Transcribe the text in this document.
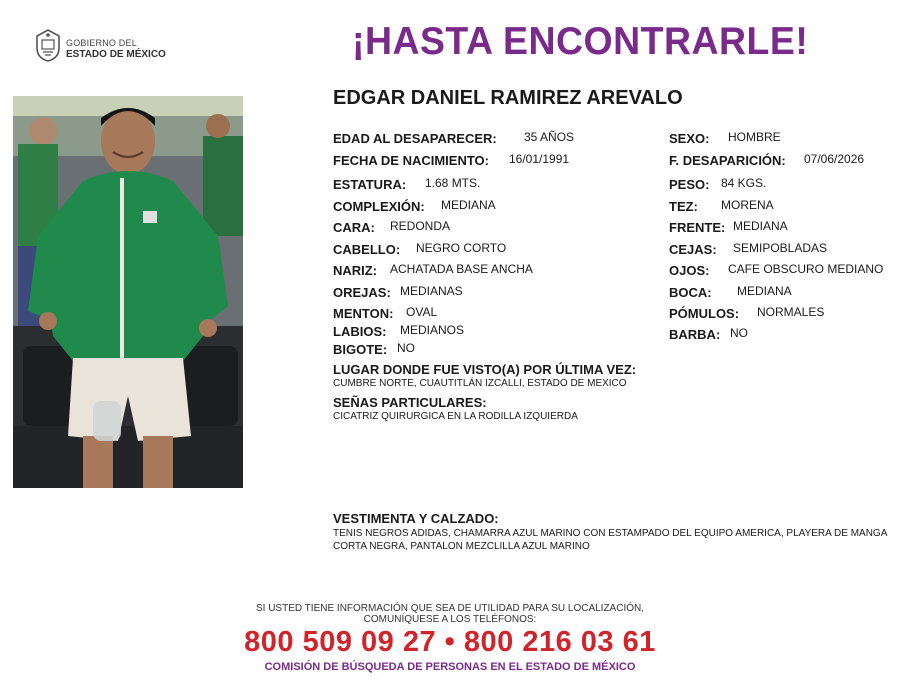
GOBIERNO DEL
ESTADO DE MÉXICO	¡HASTA ENCONTRARLE!
EDGAR DANIEL RAMIREZ AREVALO
EDAD AL DESAPARECER: 35 AÑOS
FECHA DE NACIMIENTO: 16/01/1991
ESTATURA: 1.68 MTS.
COMPLEXIÓN: MEDIANA
CARA: REDONDA
CABELLO: NEGRO CORTO
NARIZ: ACHATADA BASE ANCHA
OREJAS: MEDIANAS
MENTON: OVAL
LABIOS: MEDIANOS
BIGOTE: NO
SEXO: HOMBRE
F. DESAPARICIÓN: 07/06/2026
PESO: 84 KGS.
TEZ: MORENA
FRENTE: MEDIANA
CEJAS: SEMIPOBLADAS
OJOS: CAFE OBSCURO MEDIANO
BOCA: MEDIANA
PÓMULOS: NORMALES
BARBA: NO
LUGAR DONDE FUE VISTO(A) POR ÚLTIMA VEZ:
CUMBRE NORTE, CUAUTITLÁN IZCALLI, ESTADO DE MEXICO
SEÑAS PARTICULARES:
CICATRIZ QUIRURGICA EN LA RODILLA IZQUIERDA
VESTIMENTA Y CALZADO:
TENIS NEGROS ADIDAS, CHAMARRA AZUL MARINO CON ESTAMPADO DEL EQUIPO AMERICA, PLAYERA DE MANGA
CORTA NEGRA, PANTALON MEZCLILLA AZUL MARINO
SI USTED TIENE INFORMACIÓN QUE SEA DE UTILIDAD PARA SU LOCALIZACIÓN,
COMUNÍQUESE A LOS TELÉFONOS:
800 509 09 27 • 800 216 03 61
COMISIÓN DE BÚSQUEDA DE PERSONAS EN EL ESTADO DE MÉXICO
